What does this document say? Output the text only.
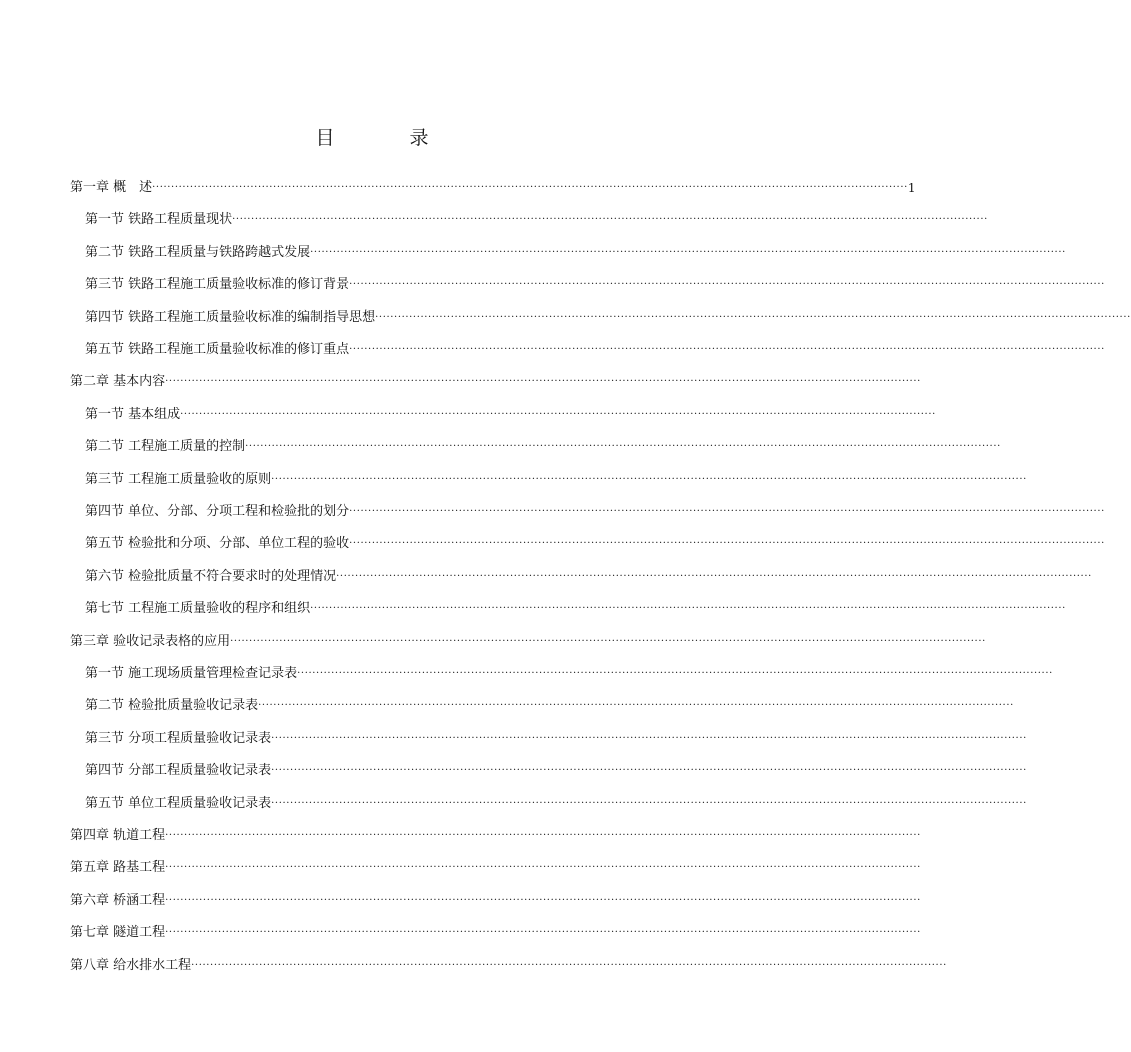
目　录
第一章 概　述 ········································································································································································································ 1
第一节 铁路工程质量现状 ········································································································································································································
第二节 铁路工程质量与铁路跨越式发展 ········································································································································································································
第三节 铁路工程施工质量验收标准的修订背景 ········································································································································································································
第四节 铁路工程施工质量验收标准的编制指导思想 ········································································································································································································
第五节 铁路工程施工质量验收标准的修订重点 ········································································································································································································
第二章 基本内容 ········································································································································································································
第一节 基本组成 ········································································································································································································
第二节 工程施工质量的控制 ········································································································································································································
第三节 工程施工质量验收的原则 ········································································································································································································
第四节 单位、分部、分项工程和检验批的划分 ········································································································································································································
第五节 检验批和分项、分部、单位工程的验收 ········································································································································································································
第六节 检验批质量不符合要求时的处理情况 ········································································································································································································
第七节 工程施工质量验收的程序和组织 ········································································································································································································
第三章 验收记录表格的应用 ········································································································································································································
第一节 施工现场质量管理检查记录表 ········································································································································································································
第二节 检验批质量验收记录表 ········································································································································································································
第三节 分项工程质量验收记录表 ········································································································································································································
第四节 分部工程质量验收记录表 ········································································································································································································
第五节 单位工程质量验收记录表 ········································································································································································································
第四章 轨道工程 ········································································································································································································
第五章 路基工程 ········································································································································································································
第六章 桥涵工程 ········································································································································································································
第七章 隧道工程 ········································································································································································································
第八章 给水排水工程 ········································································································································································································
